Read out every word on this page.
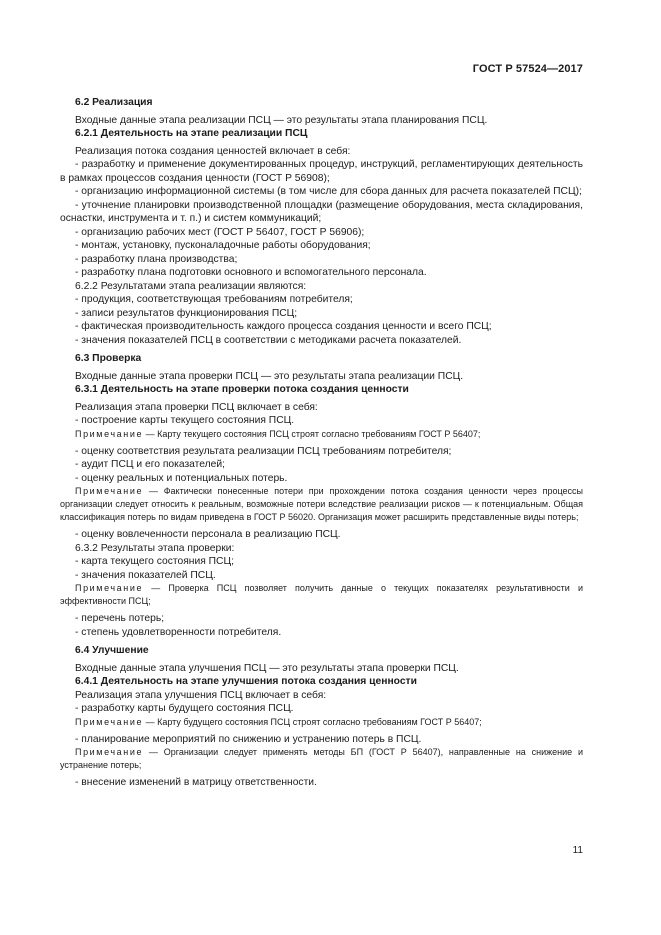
ГОСТ Р 57524—2017
6.2 Реализация
Входные данные этапа реализации ПСЦ — это результаты этапа планирования ПСЦ.
6.2.1 Деятельность на этапе реализации ПСЦ
Реализация потока создания ценностей включает в себя:
- разработку и применение документированных процедур, инструкций, регламентирующих деятельность в рамках процессов создания ценности (ГОСТ Р 56908);
- организацию информационной системы (в том числе для сбора данных для расчета показателей ПСЦ);
- уточнение планировки производственной площадки (размещение оборудования, места складирования, оснастки, инструмента и т. п.) и систем коммуникаций;
- организацию рабочих мест (ГОСТ Р 56407, ГОСТ Р 56906);
- монтаж, установку, пусконаладочные работы оборудования;
- разработку плана производства;
- разработку плана подготовки основного и вспомогательного персонала.
6.2.2 Результатами этапа реализации являются:
- продукция, соответствующая требованиям потребителя;
- записи результатов функционирования ПСЦ;
- фактическая производительность каждого процесса создания ценности и всего ПСЦ;
- значения показателей ПСЦ в соответствии с методиками расчета показателей.
6.3 Проверка
Входные данные этапа проверки ПСЦ — это результаты этапа реализации ПСЦ.
6.3.1 Деятельность на этапе проверки потока создания ценности
Реализация этапа проверки ПСЦ включает в себя:
- построение карты текущего состояния ПСЦ.
Примечание — Карту текущего состояния ПСЦ строят согласно требованиям ГОСТ Р 56407;
- оценку соответствия результата реализации ПСЦ требованиям потребителя;
- аудит ПСЦ и его показателей;
- оценку реальных и потенциальных потерь.
Примечание — Фактически понесенные потери при прохождении потока создания ценности через процессы организации следует относить к реальным, возможные потери вследствие реализации рисков — к потенциальным. Общая классификация потерь по видам приведена в ГОСТ Р 56020. Организация может расширить представленные виды потерь;
- оценку вовлеченности персонала в реализацию ПСЦ.
6.3.2 Результаты этапа проверки:
- карта текущего состояния ПСЦ;
- значения показателей ПСЦ.
Примечание — Проверка ПСЦ позволяет получить данные о текущих показателях результативности и эффективности ПСЦ;
- перечень потерь;
- степень удовлетворенности потребителя.
6.4 Улучшение
Входные данные этапа улучшения ПСЦ — это результаты этапа проверки ПСЦ.
6.4.1 Деятельность на этапе улучшения потока создания ценности
Реализация этапа улучшения ПСЦ включает в себя:
- разработку карты будущего состояния ПСЦ.
Примечание — Карту будущего состояния ПСЦ строят согласно требованиям ГОСТ Р 56407;
- планирование мероприятий по снижению и устранению потерь в ПСЦ.
Примечание — Организации следует применять методы БП (ГОСТ Р 56407), направленные на снижение и устранение потерь;
- внесение изменений в матрицу ответственности.
11
